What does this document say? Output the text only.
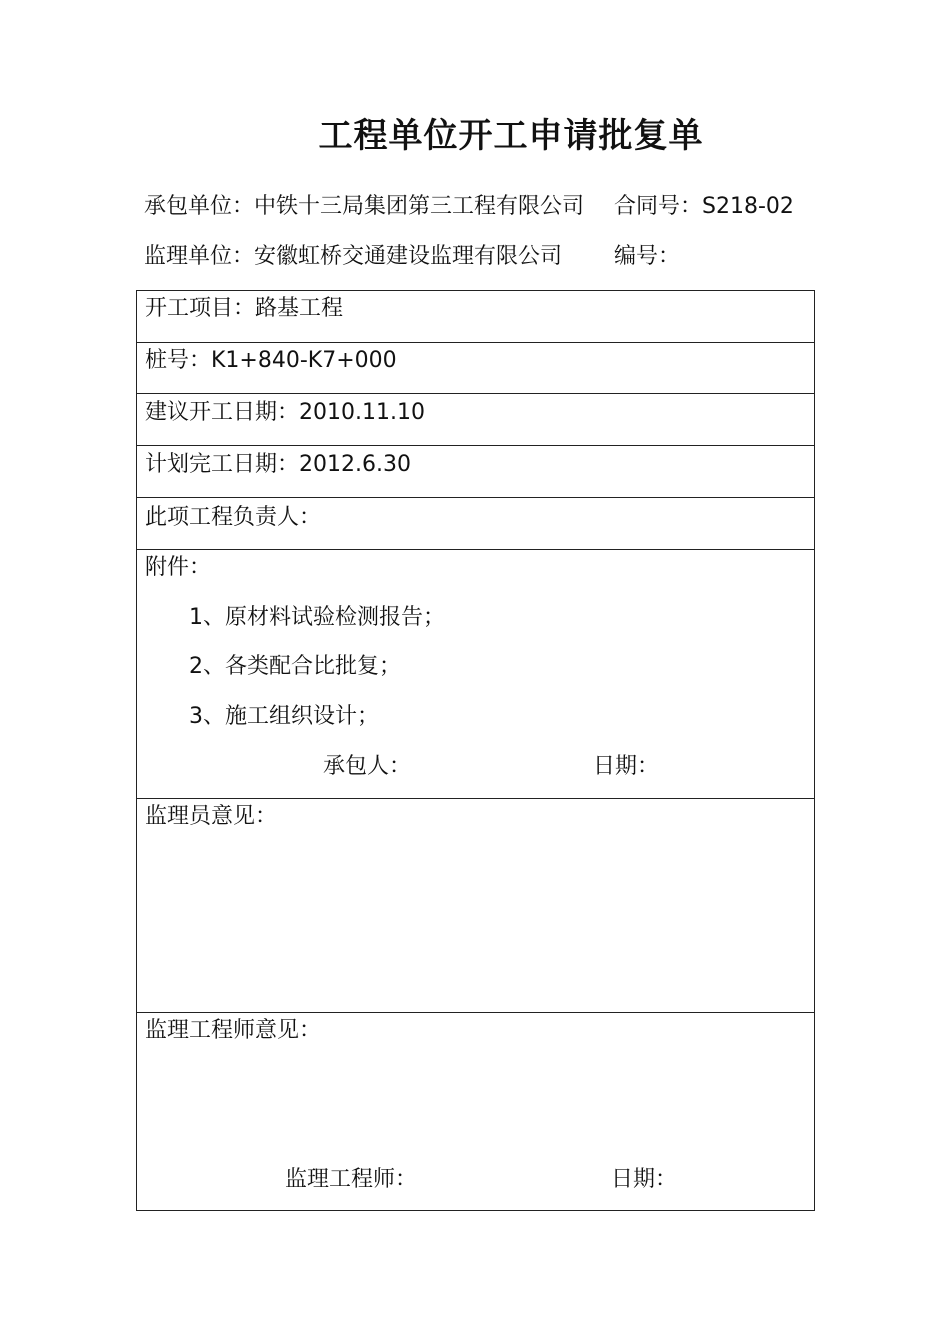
工程单位开工申请批复单
承包单位：中铁十三局集团第三工程有限公司 合同号：S218-02
监理单位：安徽虹桥交通建设监理有限公司 编号：
开工项目：路基工程
桩号：K1+840-K7+000
建议开工日期：2010.11.10
计划完工日期：2012.6.30
此项工程负责人：
附件：
1、原材料试验检测报告；
2、各类配合比批复；
3、施工组织设计；
承包人：	日期：
监理员意见：
监理工程师意见：
监理工程师：	日期：
